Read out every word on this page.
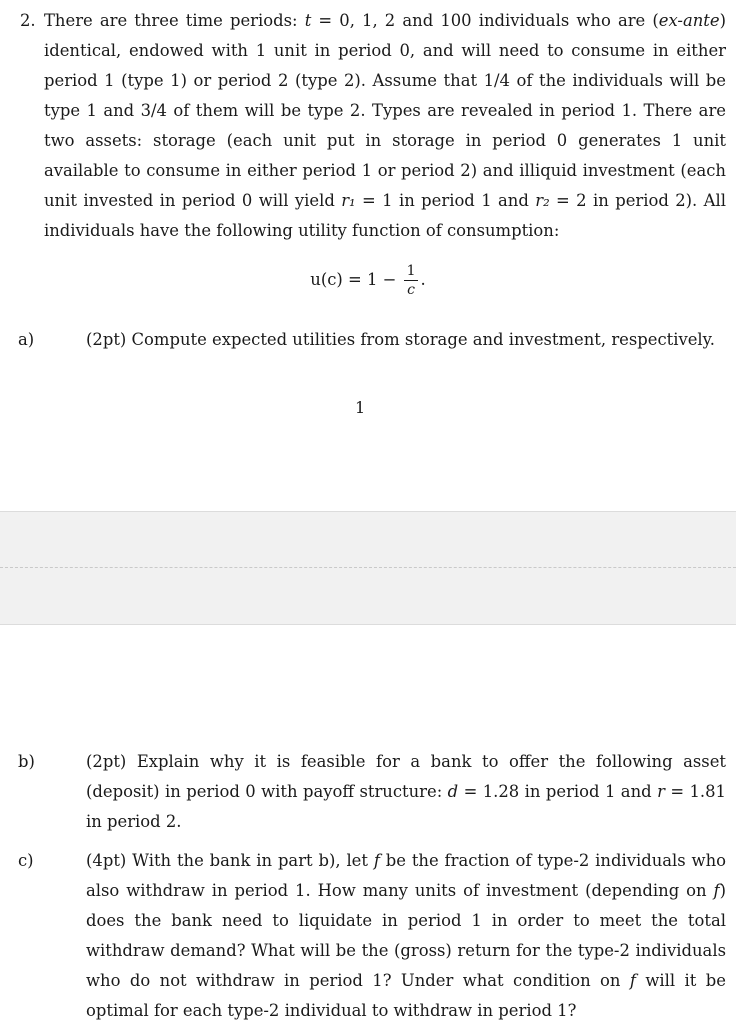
2. There are three time periods: t = 0, 1, 2 and 100 individuals who are (ex-ante) identical, endowed with 1 unit in period 0, and will need to consume in either period 1 (type 1) or period 2 (type 2). Assume that 1/4 of the individuals will be type 1 and 3/4 of them will be type 2. Types are revealed in period 1. There are two assets: storage (each unit put in storage in period 0 generates 1 unit available to consume in either period 1 or period 2) and illiquid investment (each unit invested in period 0 will yield r₁ = 1 in period 1 and r₂ = 2 in period 2). All individuals have the following utility function of consumption:
$u(c) = 1 - \frac{1}{c}$ .
a)	(2pt) Compute expected utilities from storage and investment, respectively.
1
b)	(2pt) Explain why it is feasible for a bank to offer the following asset (deposit) in period 0 with payoff structure: d = 1.28 in period 1 and r = 1.81 in period 2.
c)	(4pt) With the bank in part b), let f be the fraction of type-2 individuals who also withdraw in period 1. How many units of investment (depending on f) does the bank need to liquidate in period 1 in order to meet the total withdraw demand? What will be the (gross) return for the type-2 individuals who do not withdraw in period 1? Under what condition on f will it be optimal for each type-2 individual to withdraw in period 1?
